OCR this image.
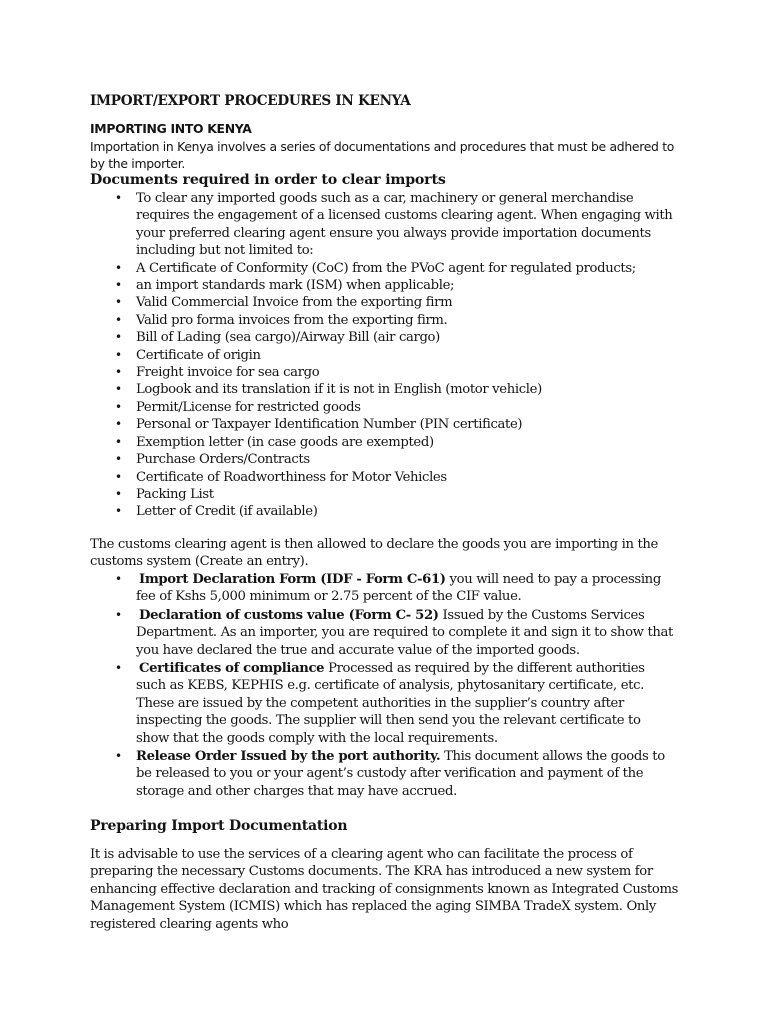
IMPORT/EXPORT PROCEDURES IN KENYA
IMPORTING INTO KENYA

Importation in Kenya involves a series of documentations and procedures that must be adhered to by the importer.

Documents required in order to clear imports
• To clear any imported goods such as a car, machinery or general merchandise requires the engagement of a licensed customs clearing agent. When engaging with your preferred clearing agent ensure you always provide importation documents including but not limited to:
• A Certificate of Conformity (CoC) from the PVoC agent for regulated products;
• an import standards mark (ISM) when applicable;
• Valid Commercial Invoice from the exporting firm
• Valid pro forma invoices from the exporting firm.
• Bill of Lading (sea cargo)/Airway Bill (air cargo)
• Certificate of origin
• Freight invoice for sea cargo
• Logbook and its translation if it is not in English (motor vehicle)
• Permit/License for restricted goods
• Personal or Taxpayer Identification Number (PIN certificate)
• Exemption letter (in case goods are exempted)
• Purchase Orders/Contracts
• Certificate of Roadworthiness for Motor Vehicles
• Packing List
• Letter of Credit (if available)

The customs clearing agent is then allowed to declare the goods you are importing in the customs system (Create an entry).

• Import Declaration Form (IDF - Form C-61) you will need to pay a processing fee of Kshs 5,000 minimum or 2.75 percent of the CIF value.
• Declaration of customs value (Form C- 52) Issued by the Customs Services Department. As an importer, you are required to complete it and sign it to show that you have declared the true and accurate value of the imported goods.
• Certificates of compliance Processed as required by the different authorities such as KEBS, KEPHIS e.g. certificate of analysis, phytosanitary certificate, etc. These are issued by the competent authorities in the supplier’s country after inspecting the goods. The supplier will then send you the relevant certificate to show that the goods comply with the local requirements.
• Release Order Issued by the port authority. This document allows the goods to be released to you or your agent’s custody after verification and payment of the storage and other charges that may have accrued.
Preparing Import Documentation

It is advisable to use the services of a clearing agent who can facilitate the process of preparing the necessary Customs documents. The KRA has introduced a new system for enhancing effective declaration and tracking of consignments known as Integrated Customs Management System (ICMIS) which has replaced the aging SIMBA TradeX system. Only registered clearing agents who
